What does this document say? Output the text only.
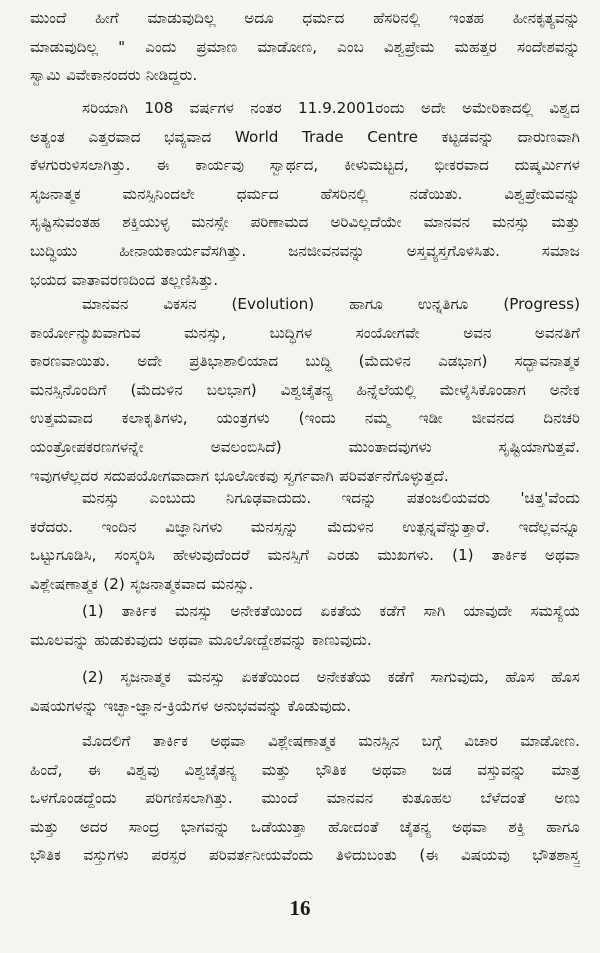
ಮುಂದೆ ಹೀಗೆ ಮಾಡುವುದಿಲ್ಲ ಅದೂ ಧರ್ಮದ ಹೆಸರಿನಲ್ಲಿ ಇಂತಹ ಹೀನಕೃತ್ಯವನ್ನು
ಮಾಡುವುದಿಲ್ಲ " ಎಂದು ಪ್ರಮಾಣ ಮಾಡೋಣ, ಎಂಬ ವಿಶ್ವಪ್ರೇಮ ಮಹತ್ತರ ಸಂದೇಶವನ್ನು
ಸ್ವಾಮಿ ವಿವೇಕಾನಂದರು ನೀಡಿದ್ದರು.
ಸರಿಯಾಗಿ 108 ವರ್ಷಗಳ ನಂತರ 11.9.2001ರಂದು ಅದೇ ಅಮೇರಿಕಾದಲ್ಲಿ ವಿಶ್ವದ
ಅತ್ಯಂತ ಎತ್ತರವಾದ ಭವ್ಯವಾದ World Trade Centre ಕಟ್ಟಡವನ್ನು ದಾರುಣವಾಗಿ
ಕೆಳಗುರುಳಿಸಲಾಗಿತ್ತು. ಈ ಕಾರ್ಯವು ಸ್ವಾರ್ಥದ, ಕೀಳುಮಟ್ಟದ, ಭೀಕರವಾದ ದುಷ್ಕರ್ಮಿಗಳ
ಸೃಜನಾತ್ಮಕ ಮನಸ್ಸಿನಿಂದಲೇ ಧರ್ಮದ ಹೆಸರಿನಲ್ಲಿ ನಡೆಯಿತು. ವಿಶ್ವಪ್ರೇಮವನ್ನು
ಸೃಷ್ಟಿಸುವಂತಹ ಶಕ್ತಿಯುಳ್ಳ ಮನಸ್ಸೇ ಪರಿಣಾಮದ ಅರಿವಿಲ್ಲದೆಯೇ ಮಾನವನ ಮನಸ್ಸು ಮತ್ತು
ಬುದ್ಧಿಯು ಹೀನಾಯಕಾರ್ಯವೆಸಗಿತ್ತು. ಜನಜೀವನವನ್ನು ಅಸ್ತವ್ಯಸ್ತಗೊಳಿಸಿತು. ಸಮಾಜ
ಭಯದ ವಾತಾವರಣದಿಂದ ತಲ್ಲಣಿಸಿತ್ತು.
ಮಾನವನ ವಿಕಸನ (Evolution) ಹಾಗೂ ಉನ್ನತಿಗೂ (Progress)
ಕಾರ್ಯೋನ್ಮುಖವಾಗುವ ಮನಸ್ಸು, ಬುದ್ಧಿಗಳ ಸಂಯೋಗವೇ ಅವನ ಅವನತಿಗೆ
ಕಾರಣವಾಯಿತು. ಅದೇ ಪ್ರತಿಭಾಶಾಲಿಯಾದ ಬುದ್ಧಿ (ಮೆದುಳಿನ ಎಡಭಾಗ) ಸದ್ಭಾವನಾತ್ಮಕ
ಮನಸ್ಸಿನೊಂದಿಗೆ (ಮೆದುಳಿನ ಬಲಭಾಗ) ವಿಶ್ವಚೈತನ್ಯ ಹಿನ್ನೆಲೆಯಲ್ಲಿ ಮೇಳೈಸಿಕೊಂಡಾಗ ಅನೇಕ
ಉತ್ತಮವಾದ ಕಲಾಕೃತಿಗಳು, ಯಂತ್ರಗಳು (ಇಂದು ನಮ್ಮ ಇಡೀ ಜೀವನದ ದಿನಚರಿ
ಯಂತ್ರೋಪಕರಣಗಳನ್ನೇ ಅವಲಂಬಿಸಿದೆ) ಮುಂತಾದವುಗಳು ಸೃಷ್ಟಿಯಾಗುತ್ತವೆ.
ಇವುಗಳೆಲ್ಲದರ ಸದುಪಯೋಗವಾದಾಗ ಭೂಲೋಕವು ಸ್ವರ್ಗವಾಗಿ ಪರಿವರ್ತನೆಗೊಳ್ಳುತ್ತದೆ.
ಮನಸ್ಸು ಎಂಬುದು ನಿಗೂಢವಾದುದು. ಇದನ್ನು ಪತಂಜಲಿಯವರು 'ಚಿತ್ತ'ವೆಂದು
ಕರೆದರು. ಇಂದಿನ ವಿಜ್ಞಾನಿಗಳು ಮನಸ್ಸನ್ನು ಮೆದುಳಿನ ಉತ್ಪನ್ನವೆನ್ನುತ್ತಾರೆ. ಇದೆಲ್ಲವನ್ನೂ
ಒಟ್ಟುಗೂಡಿಸಿ, ಸಂಸ್ಕರಿಸಿ ಹೇಳುವುದೆಂದರೆ ಮನಸ್ಸಿಗೆ ಎರಡು ಮುಖಗಳು. (1) ತಾರ್ಕಿಕ ಅಥವಾ
ವಿಶ್ಲೇಷಣಾತ್ಮಕ (2) ಸೃಜನಾತ್ಮಕವಾದ ಮನಸ್ಸು.
(1) ತಾರ್ಕಿಕ ಮನಸ್ಸು ಅನೇಕತೆಯಿಂದ ಏಕತೆಯ ಕಡೆಗೆ ಸಾಗಿ ಯಾವುದೇ ಸಮಸ್ಯೆಯ
ಮೂಲವನ್ನು ಹುಡುಕುವುದು ಅಥವಾ ಮೂಲೋದ್ದೇಶವನ್ನು ಕಾಣುವುದು.
(2) ಸೃಜನಾತ್ಮಕ ಮನಸ್ಸು ಏಕತೆಯಿಂದ ಅನೇಕತೆಯ ಕಡೆಗೆ ಸಾಗುವುದು, ಹೊಸ ಹೊಸ
ವಿಷಯಗಳನ್ನು ಇಚ್ಛಾ-ಜ್ಞಾನ-ಕ್ರಿಯೆಗಳ ಅನುಭವವನ್ನು ಕೊಡುವುದು.
ಮೊದಲಿಗೆ ತಾರ್ಕಿಕ ಅಥವಾ ವಿಶ್ಲೇಷಣಾತ್ಮಕ ಮನಸ್ಸಿನ ಬಗ್ಗೆ ವಿಚಾರ ಮಾಡೋಣ.
ಹಿಂದೆ, ಈ ವಿಶ್ವವು ವಿಶ್ವಚೈತನ್ಯ ಮತ್ತು ಭೌತಿಕ ಅಥವಾ ಜಡ ವಸ್ತುವನ್ನು ಮಾತ್ರ
ಒಳಗೊಂಡದ್ದೆಂದು ಪರಿಗಣಿಸಲಾಗಿತ್ತು. ಮುಂದೆ ಮಾನವನ ಕುತೂಹಲ ಬೆಳೆದಂತೆ ಅಣು
ಮತ್ತು ಅದರ ಸಾಂದ್ರ ಭಾಗವನ್ನು ಒಡೆಯುತ್ತಾ ಹೋದಂತೆ ಚೈತನ್ಯ ಅಥವಾ ಶಕ್ತಿ ಹಾಗೂ
ಭೌತಿಕ ವಸ್ತುಗಳು ಪರಸ್ಪರ ಪರಿವರ್ತನೀಯವೆಂದು ತಿಳಿದುಬಂತು (ಈ ವಿಷಯವು ಭೌತಶಾಸ್ತ್ರ
16
